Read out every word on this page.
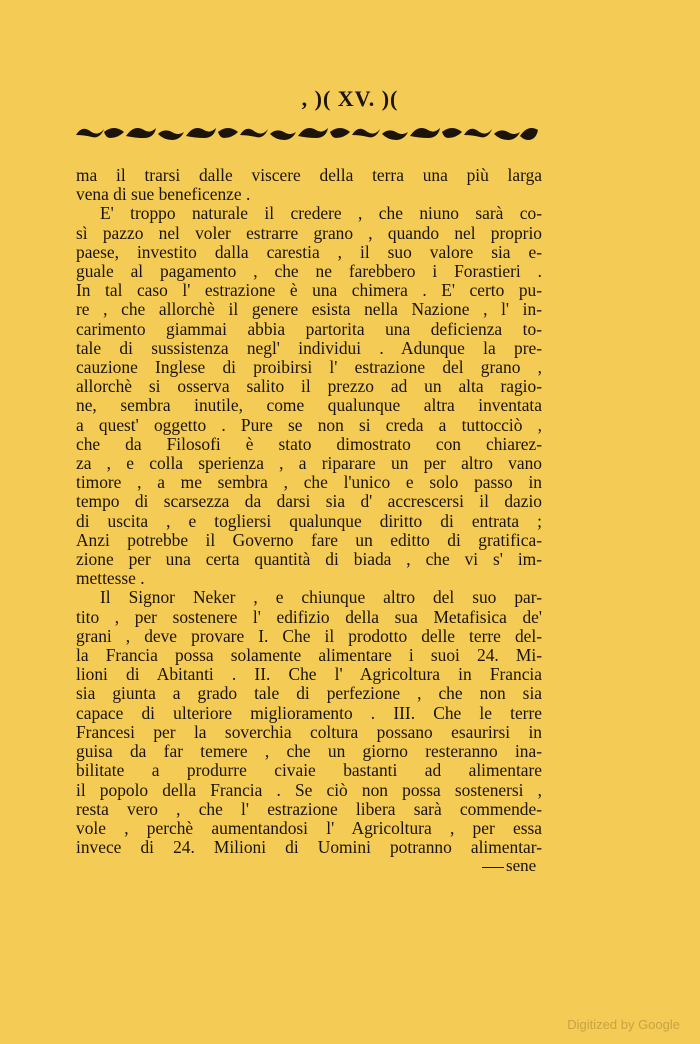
, )( XV. )(
ma il trarsi dalle viscere della terra una più larga
vena di sue beneficenze .
E' troppo naturale il credere , che niuno sarà co-
sì pazzo nel voler estrarre grano , quando nel proprio
paese, investito dalla carestia , il suo valore sia e-
guale al pagamento , che ne farebbero i Forastieri .
In tal caso l' estrazione è una chimera . E' certo pu-
re , che allorchè il genere esista nella Nazione , l' in-
carimento giammai abbia partorita una deficienza to-
tale di sussistenza negl' individui . Adunque la pre-
cauzione Inglese di proibirsi l' estrazione del grano ,
allorchè si osserva salito il prezzo ad un alta ragio-
ne, sembra inutile, come qualunque altra inventata
a quest' oggetto . Pure se non si creda a tuttocciò ,
che da Filosofi è stato dimostrato con chiarez-
za , e colla sperienza , a riparare un per altro vano
timore , a me sembra , che l'unico e solo passo in
tempo di scarsezza da darsi sia d' accrescersi il dazio
di uscita , e togliersi qualunque diritto di entrata ;
Anzi potrebbe il Governo fare un editto di gratifica-
zione per una certa quantità di biada , che vi s' im-
mettesse .
Il Signor Neker , e chiunque altro del suo par-
tito , per sostenere l' edifizio della sua Metafisica de'
grani , deve provare I. Che il prodotto delle terre del-
la Francia possa solamente alimentare i suoi 24. Mi-
lioni di Abitanti . II. Che l' Agricoltura in Francia
sia giunta a grado tale di perfezione , che non sia
capace di ulteriore miglioramento . III. Che le terre
Francesi per la soverchia coltura possano esaurirsi in
guisa da far temere , che un giorno resteranno ina-
bilitate a produrre civaie bastanti ad alimentare
il popolo della Francia . Se ciò non possa sostenersi ,
resta vero , che l' estrazione libera sarà commende-
vole , perchè aumentandosi l' Agricoltura , per essa
invece di 24. Milioni di Uomini potranno alimentar-
sene
Digitized by Google
